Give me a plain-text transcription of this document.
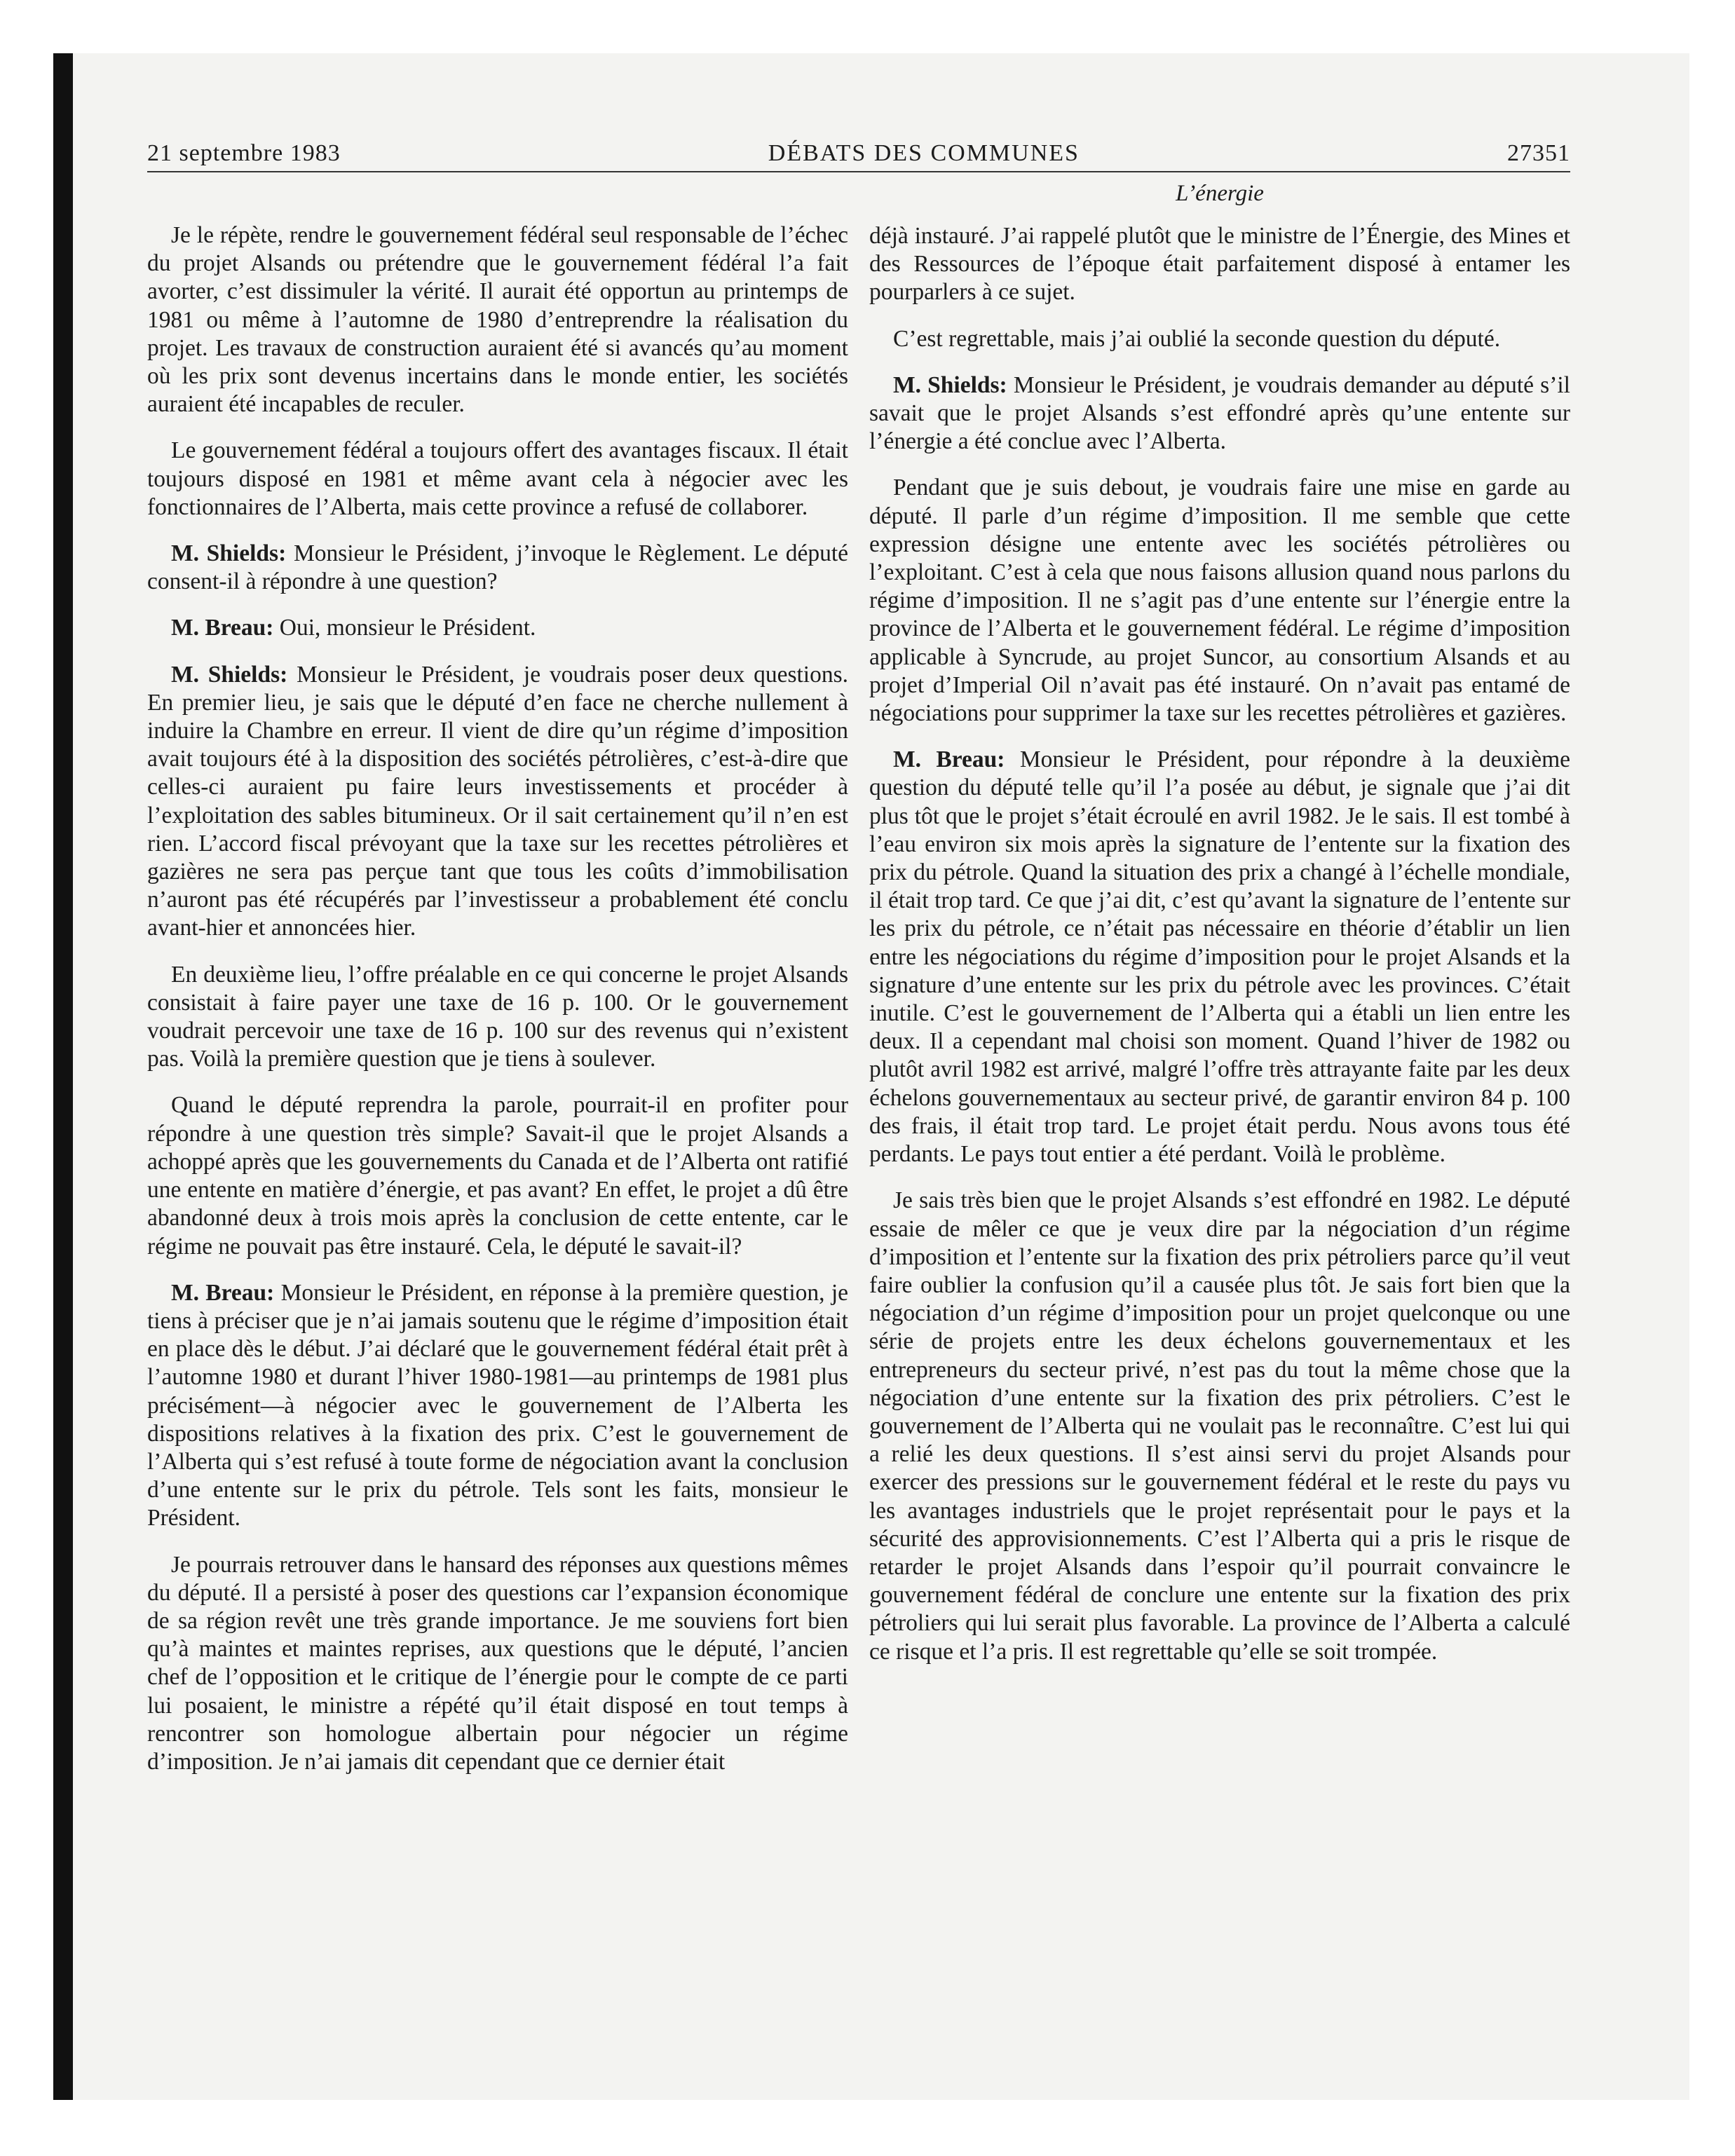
21 septembre 1983	DÉBATS DES COMMUNES	27351

Je le répète, rendre le gouvernement fédéral seul responsable de l’échec du projet Alsands ou prétendre que le gouvernement fédéral l’a fait avorter, c’est dissimuler la vérité. Il aurait été opportun au printemps de 1981 ou même à l’automne de 1980 d’entreprendre la réalisation du projet. Les travaux de construction auraient été si avancés qu’au moment où les prix sont devenus incertains dans le monde entier, les sociétés auraient été incapables de reculer.

Le gouvernement fédéral a toujours offert des avantages fiscaux. Il était toujours disposé en 1981 et même avant cela à négocier avec les fonctionnaires de l’Alberta, mais cette province a refusé de collaborer.

M. Shields: Monsieur le Président, j’invoque le Règlement. Le député consent-il à répondre à une question?

M. Breau: Oui, monsieur le Président.

M. Shields: Monsieur le Président, je voudrais poser deux questions. En premier lieu, je sais que le député d’en face ne cherche nullement à induire la Chambre en erreur. Il vient de dire qu’un régime d’imposition avait toujours été à la disposition des sociétés pétrolières, c’est-à-dire que celles-ci auraient pu faire leurs investissements et procéder à l’exploitation des sables bitumineux. Or il sait certainement qu’il n’en est rien. L’accord fiscal prévoyant que la taxe sur les recettes pétrolières et gazières ne sera pas perçue tant que tous les coûts d’immobilisation n’auront pas été récupérés par l’investisseur a probablement été conclu avant-hier et annoncées hier.

En deuxième lieu, l’offre préalable en ce qui concerne le projet Alsands consistait à faire payer une taxe de 16 p. 100. Or le gouvernement voudrait percevoir une taxe de 16 p. 100 sur des revenus qui n’existent pas. Voilà la première question que je tiens à soulever.

Quand le député reprendra la parole, pourrait-il en profiter pour répondre à une question très simple? Savait-il que le projet Alsands a achoppé après que les gouvernements du Canada et de l’Alberta ont ratifié une entente en matière d’énergie, et pas avant? En effet, le projet a dû être abandonné deux à trois mois après la conclusion de cette entente, car le régime ne pouvait pas être instauré. Cela, le député le savait-il?

M. Breau: Monsieur le Président, en réponse à la première question, je tiens à préciser que je n’ai jamais soutenu que le régime d’imposition était en place dès le début. J’ai déclaré que le gouvernement fédéral était prêt à l’automne 1980 et durant l’hiver 1980-1981—au printemps de 1981 plus précisément—à négocier avec le gouvernement de l’Alberta les dispositions relatives à la fixation des prix. C’est le gouvernement de l’Alberta qui s’est refusé à toute forme de négociation avant la conclusion d’une entente sur le prix du pétrole. Tels sont les faits, monsieur le Président.

Je pourrais retrouver dans le hansard des réponses aux questions mêmes du député. Il a persisté à poser des questions car l’expansion économique de sa région revêt une très grande importance. Je me souviens fort bien qu’à maintes et maintes reprises, aux questions que le député, l’ancien chef de l’opposition et le critique de l’énergie pour le compte de ce parti lui posaient, le ministre a répété qu’il était disposé en tout temps à rencontrer son homologue albertain pour négocier un régime d’imposition. Je n’ai jamais dit cependant que ce dernier était

L’énergie

déjà instauré. J’ai rappelé plutôt que le ministre de l’Énergie, des Mines et des Ressources de l’époque était parfaitement disposé à entamer les pourparlers à ce sujet.

C’est regrettable, mais j’ai oublié la seconde question du député.

M. Shields: Monsieur le Président, je voudrais demander au député s’il savait que le projet Alsands s’est effondré après qu’une entente sur l’énergie a été conclue avec l’Alberta.

Pendant que je suis debout, je voudrais faire une mise en garde au député. Il parle d’un régime d’imposition. Il me semble que cette expression désigne une entente avec les sociétés pétrolières ou l’exploitant. C’est à cela que nous faisons allusion quand nous parlons du régime d’imposition. Il ne s’agit pas d’une entente sur l’énergie entre la province de l’Alberta et le gouvernement fédéral. Le régime d’imposition applicable à Syncrude, au projet Suncor, au consortium Alsands et au projet d’Imperial Oil n’avait pas été instauré. On n’avait pas entamé de négociations pour supprimer la taxe sur les recettes pétrolières et gazières.

M. Breau: Monsieur le Président, pour répondre à la deuxième question du député telle qu’il l’a posée au début, je signale que j’ai dit plus tôt que le projet s’était écroulé en avril 1982. Je le sais. Il est tombé à l’eau environ six mois après la signature de l’entente sur la fixation des prix du pétrole. Quand la situation des prix a changé à l’échelle mondiale, il était trop tard. Ce que j’ai dit, c’est qu’avant la signature de l’entente sur les prix du pétrole, ce n’était pas nécessaire en théorie d’établir un lien entre les négociations du régime d’imposition pour le projet Alsands et la signature d’une entente sur les prix du pétrole avec les provinces. C’était inutile. C’est le gouvernement de l’Alberta qui a établi un lien entre les deux. Il a cependant mal choisi son moment. Quand l’hiver de 1982 ou plutôt avril 1982 est arrivé, malgré l’offre très attrayante faite par les deux échelons gouvernementaux au secteur privé, de garantir environ 84 p. 100 des frais, il était trop tard. Le projet était perdu. Nous avons tous été perdants. Le pays tout entier a été perdant. Voilà le problème.

Je sais très bien que le projet Alsands s’est effondré en 1982. Le député essaie de mêler ce que je veux dire par la négociation d’un régime d’imposition et l’entente sur la fixation des prix pétroliers parce qu’il veut faire oublier la confusion qu’il a causée plus tôt. Je sais fort bien que la négociation d’un régime d’imposition pour un projet quelconque ou une série de projets entre les deux échelons gouvernementaux et les entrepreneurs du secteur privé, n’est pas du tout la même chose que la négociation d’une entente sur la fixation des prix pétroliers. C’est le gouvernement de l’Alberta qui ne voulait pas le reconnaître. C’est lui qui a relié les deux questions. Il s’est ainsi servi du projet Alsands pour exercer des pressions sur le gouvernement fédéral et le reste du pays vu les avantages industriels que le projet représentait pour le pays et la sécurité des approvisionnements. C’est l’Alberta qui a pris le risque de retarder le projet Alsands dans l’espoir qu’il pourrait convaincre le gouvernement fédéral de conclure une entente sur la fixation des prix pétroliers qui lui serait plus favorable. La province de l’Alberta a calculé ce risque et l’a pris. Il est regrettable qu’elle se soit trompée.
